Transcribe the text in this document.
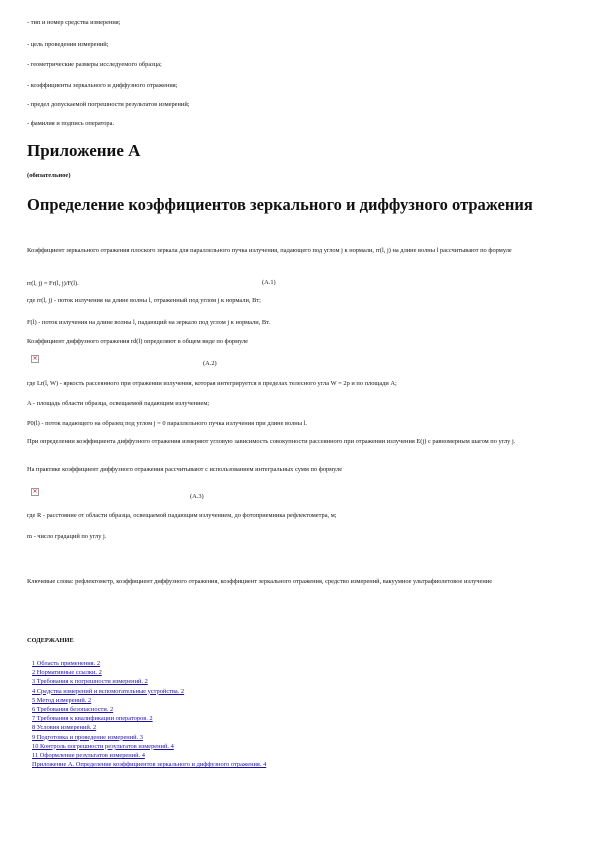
- тип и номер средства измерения;
- цель проведения измерений;
- геометрические размеры исследуемого образца;
- коэффициенты зеркального и диффузного отражения;
- предел допускаемой погрешности результатов измерений;
- фамилия и подпись оператора.
Приложение А
(обязательное)
Определение коэффициентов зеркального и диффузного отражения
Коэффициент зеркального отражения плоского зеркала для параллельного пучка излучения, падающего под углом j к нормали, rr(l, j) на длине волны l рассчитывают по формуле
rr(l, j) = Fr(l, j)/F(l).	(А.1)
где rr(l, j) - поток излучения на длине волны l, отраженный под углом j к нормали, Вт;
F(l) - поток излучения на длине волны l, падающий на зеркало под углом j к нормали, Вт.
Коэффициент диффузного отражения rd(l) определяют в общем виде по формуле
×
(А.2)
где Lr(l, W) - яркость рассеянного при отражении излучения, которая интегрируется в пределах телесного угла W = 2p и по площади A;
A - площадь области образца, освещаемой падающим излучением;
P0(l) - поток падающего на образец под углом j = 0 параллельного пучка излучения при длине волны l.
При определении коэффициента диффузного отражения измеряют угловую зависимость совокупности рассеянного при отражении излучения E(j) с равномерным шагом по углу j.
На практике коэффициент диффузного отражения рассчитывают с использованием интегральных сумм по формуле
×
(А.3)
где R - расстояние от области образца, освещаемой падающим излучением, до фотоприемника рефлектометра, м;
m - число градаций по углу j.
Ключевые слова: рефлектометр, коэффициент диффузного отражения, коэффициент зеркального отражения, средство измерений, вакуумное ультрафиолетовое излучение
СОДЕРЖАНИЕ
1 Область применения. 2
2 Нормативные ссылки. 2
3 Требования к погрешности измерений. 2
4 Средства измерений и вспомогательные устройства. 2
5 Метод измерений. 2
6 Требования безопасности. 2
7 Требования к квалификации операторов. 2
8 Условия измерений. 2
9 Подготовка и проведение измерений. 3
10 Контроль погрешности результатов измерений. 4
11 Оформление результатов измерений. 4
Приложение А. Определение коэффициентов зеркального и диффузного отражения. 4
